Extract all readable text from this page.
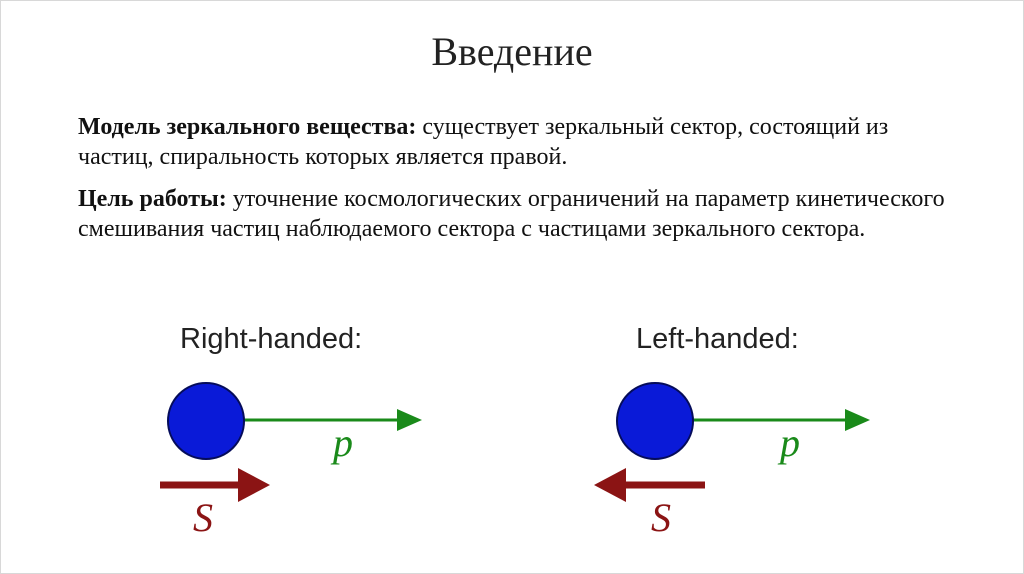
Введение

Модель зеркального вещества: существует зеркальный сектор, состоящий из частиц, спиральность которых является правой.

Цель работы: уточнение космологических ограничений на параметр кинетического смешивания частиц наблюдаемого сектора с частицами зеркального сектора.

Right-handed:
p
S
Left-handed:
p
S
